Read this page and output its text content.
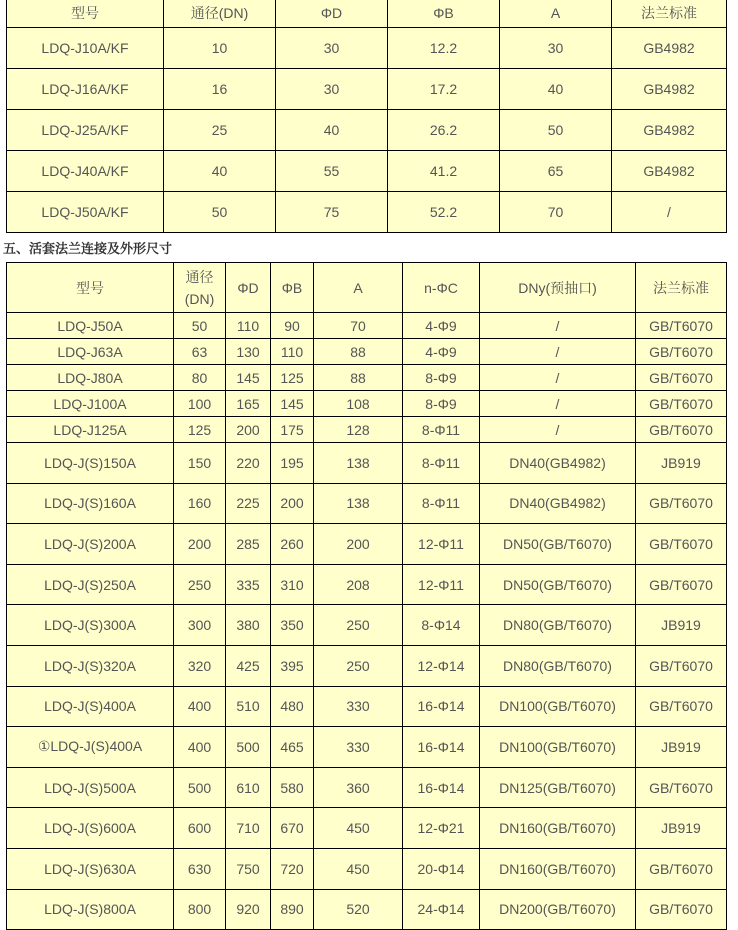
型号	通径(DN)	ΦD	ΦB	A	法兰标准
LDQ-J10A/KF	10	30	12.2	30	GB4982
LDQ-J16A/KF	16	30	17.2	40	GB4982
LDQ-J25A/KF	25	40	26.2	50	GB4982
LDQ-J40A/KF	40	55	41.2	65	GB4982
LDQ-J50A/KF	50	75	52.2	70	/
五、活套法兰连接及外形尺寸
型号	通径(DN)	ΦD	ΦB	A	n-ΦC	DNy(预抽口)	法兰标准
LDQ-J50A	50	110	90	70	4-Φ9	/	GB/T6070
LDQ-J63A	63	130	110	88	4-Φ9	/	GB/T6070
LDQ-J80A	80	145	125	88	8-Φ9	/	GB/T6070
LDQ-J100A	100	165	145	108	8-Φ9	/	GB/T6070
LDQ-J125A	125	200	175	128	8-Φ11	/	GB/T6070
LDQ-J(S)150A	150	220	195	138	8-Φ11	DN40(GB4982)	JB919
LDQ-J(S)160A	160	225	200	138	8-Φ11	DN40(GB4982)	GB/T6070
LDQ-J(S)200A	200	285	260	200	12-Φ11	DN50(GB/T6070)	GB/T6070
LDQ-J(S)250A	250	335	310	208	12-Φ11	DN50(GB/T6070)	GB/T6070
LDQ-J(S)300A	300	380	350	250	8-Φ14	DN80(GB/T6070)	JB919
LDQ-J(S)320A	320	425	395	250	12-Φ14	DN80(GB/T6070)	GB/T6070
LDQ-J(S)400A	400	510	480	330	16-Φ14	DN100(GB/T6070)	GB/T6070
①LDQ-J(S)400A	400	500	465	330	16-Φ14	DN100(GB/T6070)	JB919
LDQ-J(S)500A	500	610	580	360	16-Φ14	DN125(GB/T6070)	GB/T6070
LDQ-J(S)600A	600	710	670	450	12-Φ21	DN160(GB/T6070)	JB919
LDQ-J(S)630A	630	750	720	450	20-Φ14	DN160(GB/T6070)	GB/T6070
LDQ-J(S)800A	800	920	890	520	24-Φ14	DN200(GB/T6070)	GB/T6070
